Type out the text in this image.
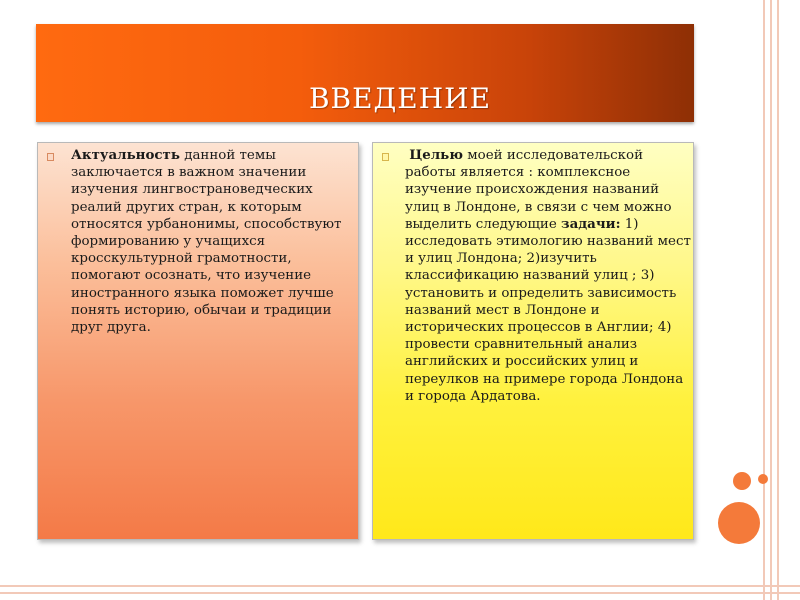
ВВЕДЕНИЕ
Актуальность данной темы заключается в важном значении изучения лингвострановедческих реалий других стран, к которым относятся урбанонимы, способствуют формированию у учащихся кросскультурной грамотности, помогают осознать, что изучение иностранного языка поможет лучше понять историю, обычаи и традиции друг друга.
Целью моей исследовательской работы является : комплексное изучение происхождения названий улиц в Лондоне, в связи с чем можно выделить следующие задачи: 1) исследовать этимологию названий мест и улиц Лондона; 2)изучить классификацию названий улиц ; 3) установить и определить зависимость названий мест в Лондоне и исторических процессов в Англии; 4) провести сравнительный анализ английских и российских улиц и переулков на примере города Лондона и города Ардатова.
